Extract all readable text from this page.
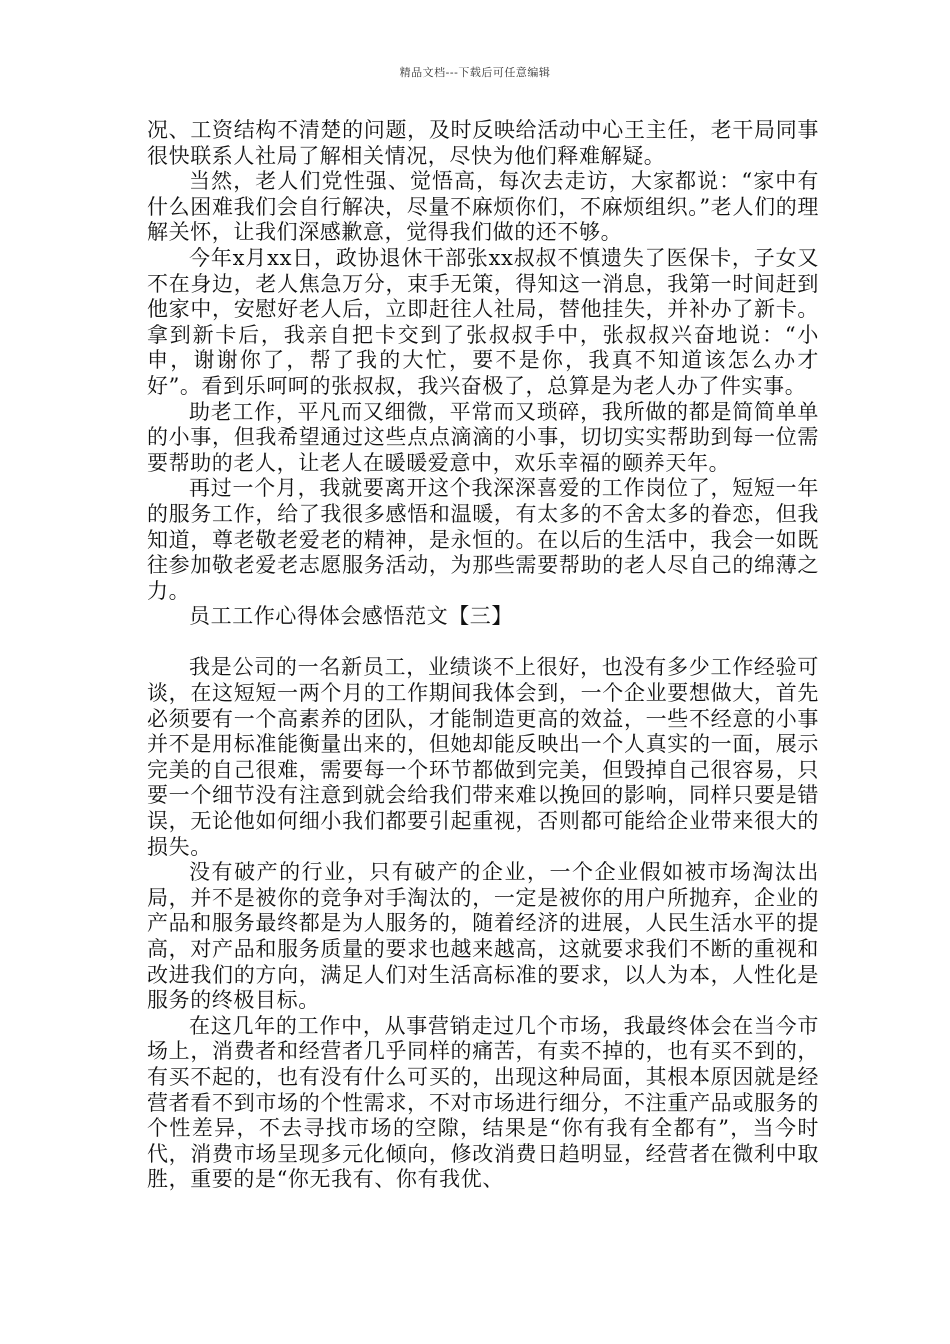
精品文档---下载后可任意编辑

况、工资结构不清楚的问题，及时反映给活动中心王主任，老干局同事很快联系人社局了解相关情况，尽快为他们释难解疑。

当然，老人们党性强、觉悟高，每次去走访，大家都说：“家中有什么困难我们会自行解决，尽量不麻烦你们，不麻烦组织。”老人们的理解关怀，让我们深感歉意，觉得我们做的还不够。

今年x月xx日，政协退休干部张xx叔叔不慎遗失了医保卡，子女又不在身边，老人焦急万分，束手无策，得知这一消息，我第一时间赶到他家中，安慰好老人后，立即赶往人社局，替他挂失，并补办了新卡。拿到新卡后，我亲自把卡交到了张叔叔手中，张叔叔兴奋地说：“小申，谢谢你了，帮了我的大忙，要不是你，我真不知道该怎么办才好”。看到乐呵呵的张叔叔，我兴奋极了，总算是为老人办了件实事。

助老工作，平凡而又细微，平常而又琐碎，我所做的都是简简单单的小事，但我希望通过这些点点滴滴的小事，切切实实帮助到每一位需要帮助的老人，让老人在暖暖爱意中，欢乐幸福的颐养天年。

再过一个月，我就要离开这个我深深喜爱的工作岗位了，短短一年的服务工作，给了我很多感悟和温暖，有太多的不舍太多的眷恋，但我知道，尊老敬老爱老的精神，是永恒的。在以后的生活中，我会一如既往参加敬老爱老志愿服务活动，为那些需要帮助的老人尽自己的绵薄之力。

员工工作心得体会感悟范文【三】

我是公司的一名新员工，业绩谈不上很好，也没有多少工作经验可谈，在这短短一两个月的工作期间我体会到，一个企业要想做大，首先必须要有一个高素养的团队，才能制造更高的效益，一些不经意的小事并不是用标准能衡量出来的，但她却能反映出一个人真实的一面，展示完美的自己很难，需要每一个环节都做到完美，但毁掉自己很容易，只要一个细节没有注意到就会给我们带来难以挽回的影响，同样只要是错误，无论他如何细小我们都要引起重视，否则都可能给企业带来很大的损失。

没有破产的行业，只有破产的企业，一个企业假如被市场淘汰出局，并不是被你的竞争对手淘汰的，一定是被你的用户所抛弃，企业的产品和服务最终都是为人服务的，随着经济的进展，人民生活水平的提高，对产品和服务质量的要求也越来越高，这就要求我们不断的重视和改进我们的方向，满足人们对生活高标准的要求，以人为本，人性化是服务的终极目标。

在这几年的工作中，从事营销走过几个市场，我最终体会在当今市场上，消费者和经营者几乎同样的痛苦，有卖不掉的，也有买不到的，有买不起的，也有没有什么可买的，出现这种局面，其根本原因就是经营者看不到市场的个性需求，不对市场进行细分，不注重产品或服务的个性差异，不去寻找市场的空隙，结果是“你有我有全都有”，当今时代，消费市场呈现多元化倾向，修改消费日趋明显，经营者在微利中取胜，重要的是“你无我有、你有我优、
